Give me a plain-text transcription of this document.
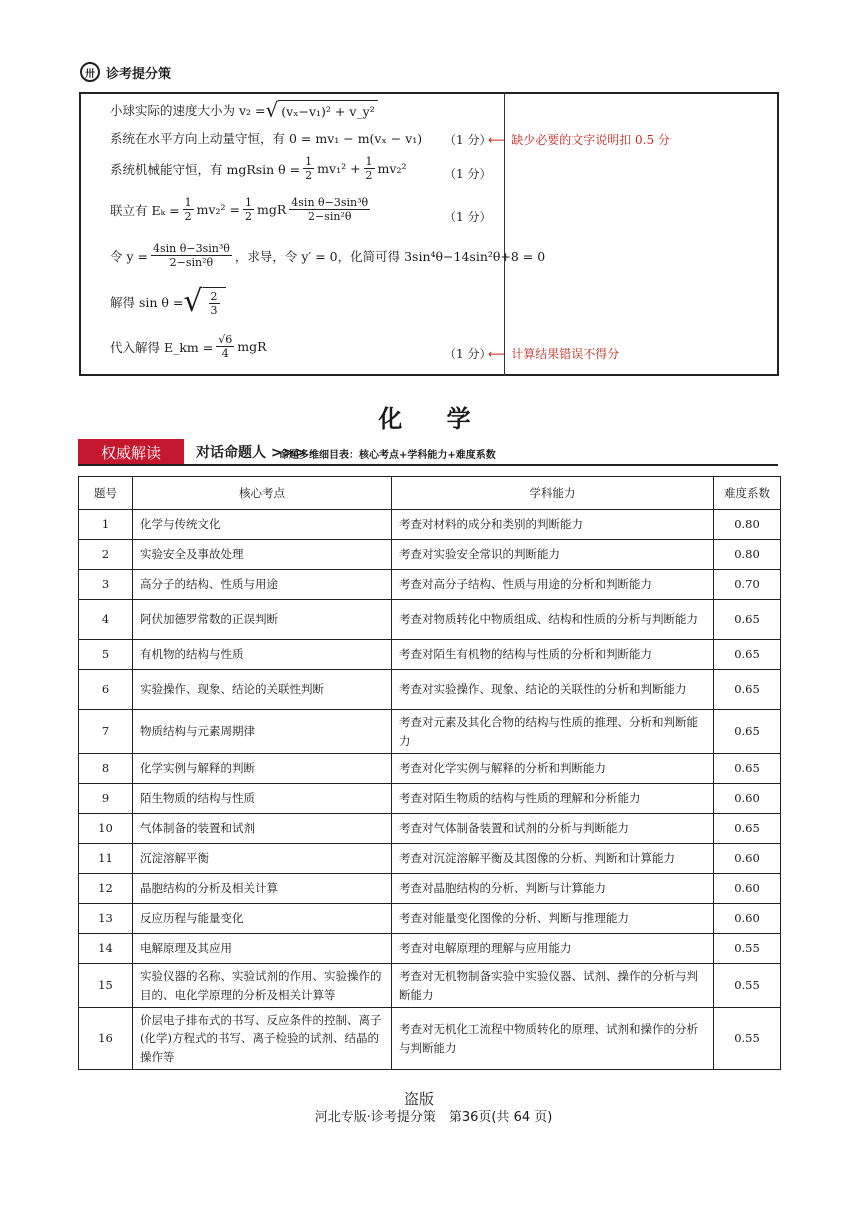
卅 诊考提分策
小球实际的速度大小为 v₂ = √ (vₓ−v₁)² + v_y²
系统在水平方向上动量守恒，有 0 = mv₁ − m(vₓ − v₁) （1 分）
⟵ 缺少必要的文字说明扣 0.5 分
系统机械能守恒，有 mgRsin $\theta = \frac{1}{2} mv_1^2 + \frac{1}{2} mv_2^2$	（1 分）
联立有 $E_k = \frac{1}{2} mv_2^2 = \frac{1}{2}$ mgR $\frac{\text{4sin θ−3sin³θ}}{\text{2−sin²θ}}$	（1 分）
令 $y = \frac{\text{4sin θ−3sin³θ}}{\text{2−sin²θ}}$ ，求导，令 y′ = 0，化简可得 3sin⁴θ−14sin²θ+8 = 0
解得 sin θ = √ $\frac{2}{3}$
代入解得 E_km = $\frac{√6}{4}$ mgR	（1 分）
⟵ 计算结果错误不得分
化 学
权威解读	对话命题人 >>>
命题多维细目表：核心考点+学科能力+难度系数
题号	核心考点	学科能力	难度系数
1	化学与传统文化	考查对材料的成分和类别的判断能力	0.80
2	实验安全及事故处理	考查对实验安全常识的判断能力	0.80
3	高分子的结构、性质与用途	考查对高分子结构、性质与用途的分析和判断能力	0.70
4	阿伏加德罗常数的正误判断	考查对物质转化中物质组成、结构和性质的分析与判断能力	0.65
5	有机物的结构与性质	考查对陌生有机物的结构与性质的分析和判断能力	0.65
6	实验操作、现象、结论的关联性判断	考查对实验操作、现象、结论的关联性的分析和判断能力	0.65
7	物质结构与元素周期律	考查对元素及其化合物的结构与性质的推理、分析和判断能力	0.65
8	化学实例与解释的判断	考查对化学实例与解释的分析和判断能力	0.65
9	陌生物质的结构与性质	考查对陌生物质的结构与性质的理解和分析能力	0.60
10	气体制备的装置和试剂	考查对气体制备装置和试剂的分析与判断能力	0.65
11	沉淀溶解平衡	考查对沉淀溶解平衡及其图像的分析、判断和计算能力	0.60
12	晶胞结构的分析及相关计算	考查对晶胞结构的分析、判断与计算能力	0.60
13	反应历程与能量变化	考查对能量变化图像的分析、判断与推理能力	0.60
14	电解原理及其应用	考查对电解原理的理解与应用能力	0.55
15	实验仪器的名称、实验试剂的作用、实验操作的目的、电化学原理的分析及相关计算等	考查对无机物制备实验中实验仪器、试剂、操作的分析与判断能力	0.55
16	价层电子排布式的书写、反应条件的控制、离子(化学)方程式的书写、离子检验的试剂、结晶的操作等	考查对无机化工流程中物质转化的原理、试剂和操作的分析与判断能力	0.55
盗版
河北专版·诊考提分策　第36页(共 64 页)
